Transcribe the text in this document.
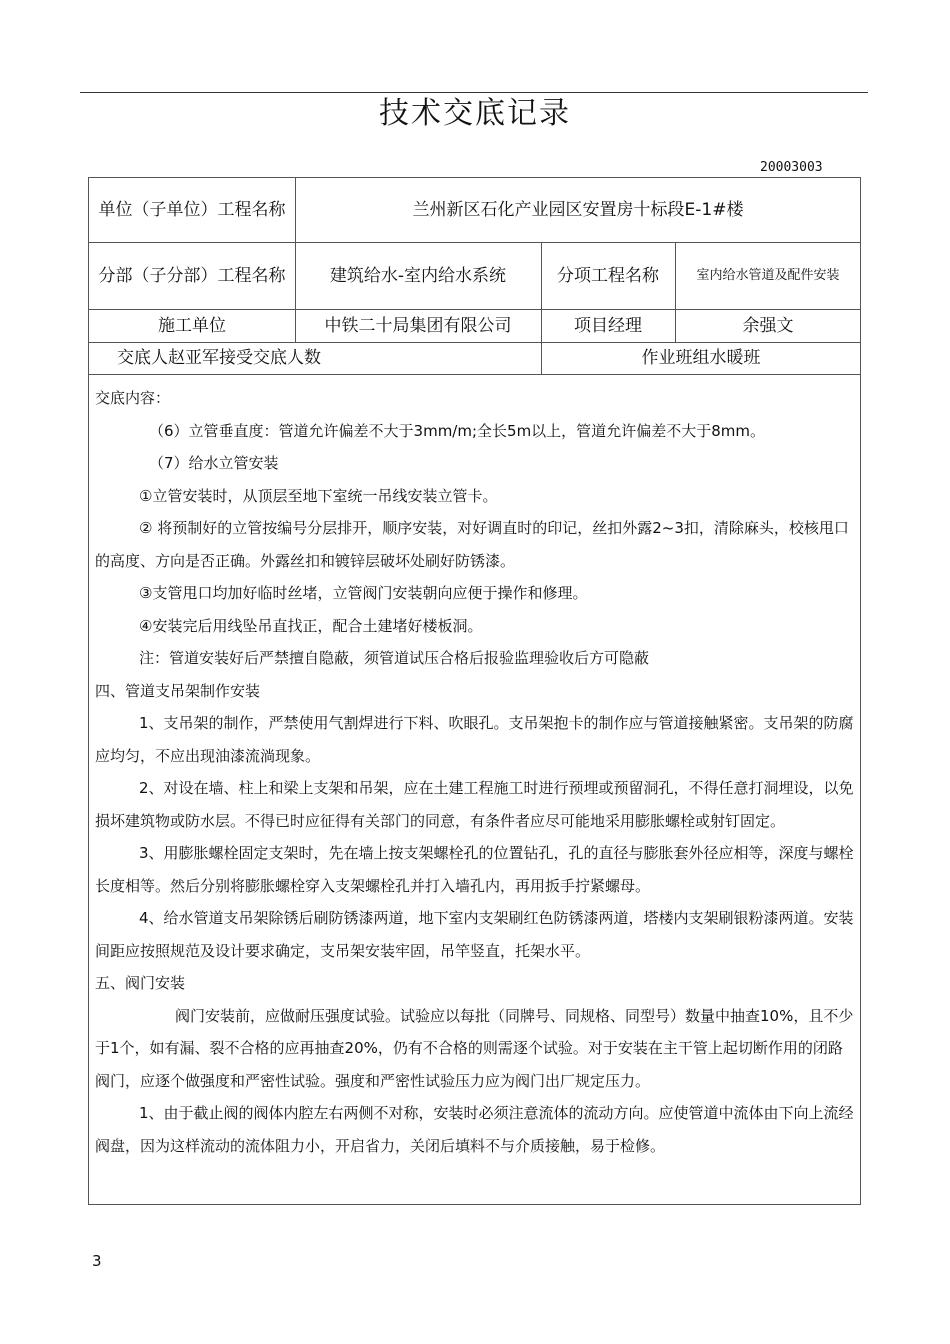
技术交底记录
20003003
单位（子单位）工程名称	兰州新区石化产业园区安置房十标段E-1#楼
分部（子分部）工程名称	建筑给水-室内给水系统	分项工程名称	室内给水管道及配件安装
施工单位	中铁二十局集团有限公司	项目经理	余强文
交底人赵亚军接受交底人数	作业班组水暖班

交底内容：

（6）立管垂直度：管道允许偏差不大于3mm/m;全长5m以上，管道允许偏差不大于8mm。

（7）给水立管安装

①立管安装时，从顶层至地下室统一吊线安装立管卡。

② 将预制好的立管按编号分层排开，顺序安装，对好调直时的印记，丝扣外露2~3扣，清除麻头，校核甩口的高度、方向是否正确。外露丝扣和镀锌层破坏处刷好防锈漆。

③支管甩口均加好临时丝堵，立管阀门安装朝向应便于操作和修理。

④安装完后用线坠吊直找正，配合土建堵好楼板洞。

注：管道安装好后严禁擅自隐蔽，须管道试压合格后报验监理验收后方可隐蔽

四、管道支吊架制作安装

1、支吊架的制作，严禁使用气割焊进行下料、吹眼孔。支吊架抱卡的制作应与管道接触紧密。支吊架的防腐应均匀，不应出现油漆流淌现象。

2、对设在墙、柱上和梁上支架和吊架，应在土建工程施工时进行预埋或预留洞孔，不得任意打洞埋设，以免损坏建筑物或防水层。不得已时应征得有关部门的同意，有条件者应尽可能地采用膨胀螺栓或射钉固定。

3、用膨胀螺栓固定支架时，先在墙上按支架螺栓孔的位置钻孔，孔的直径与膨胀套外径应相等，深度与螺栓长度相等。然后分别将膨胀螺栓穿入支架螺栓孔并打入墙孔内，再用扳手拧紧螺母。

4、给水管道支吊架除锈后刷防锈漆两道，地下室内支架刷红色防锈漆两道，塔楼内支架刷银粉漆两道。安装间距应按照规范及设计要求确定，支吊架安装牢固，吊竿竖直，托架水平。

五、阀门安装

阀门安装前，应做耐压强度试验。试验应以每批（同牌号、同规格、同型号）数量中抽查10%，且不少于1个，如有漏、裂不合格的应再抽查20%，仍有不合格的则需逐个试验。对于安装在主干管上起切断作用的闭路阀门，应逐个做强度和严密性试验。强度和严密性试验压力应为阀门出厂规定压力。

1、由于截止阀的阀体内腔左右两侧不对称，安装时必须注意流体的流动方向。应使管道中流体由下向上流经阀盘，因为这样流动的流体阻力小，开启省力，关闭后填料不与介质接触，易于检修。

3
